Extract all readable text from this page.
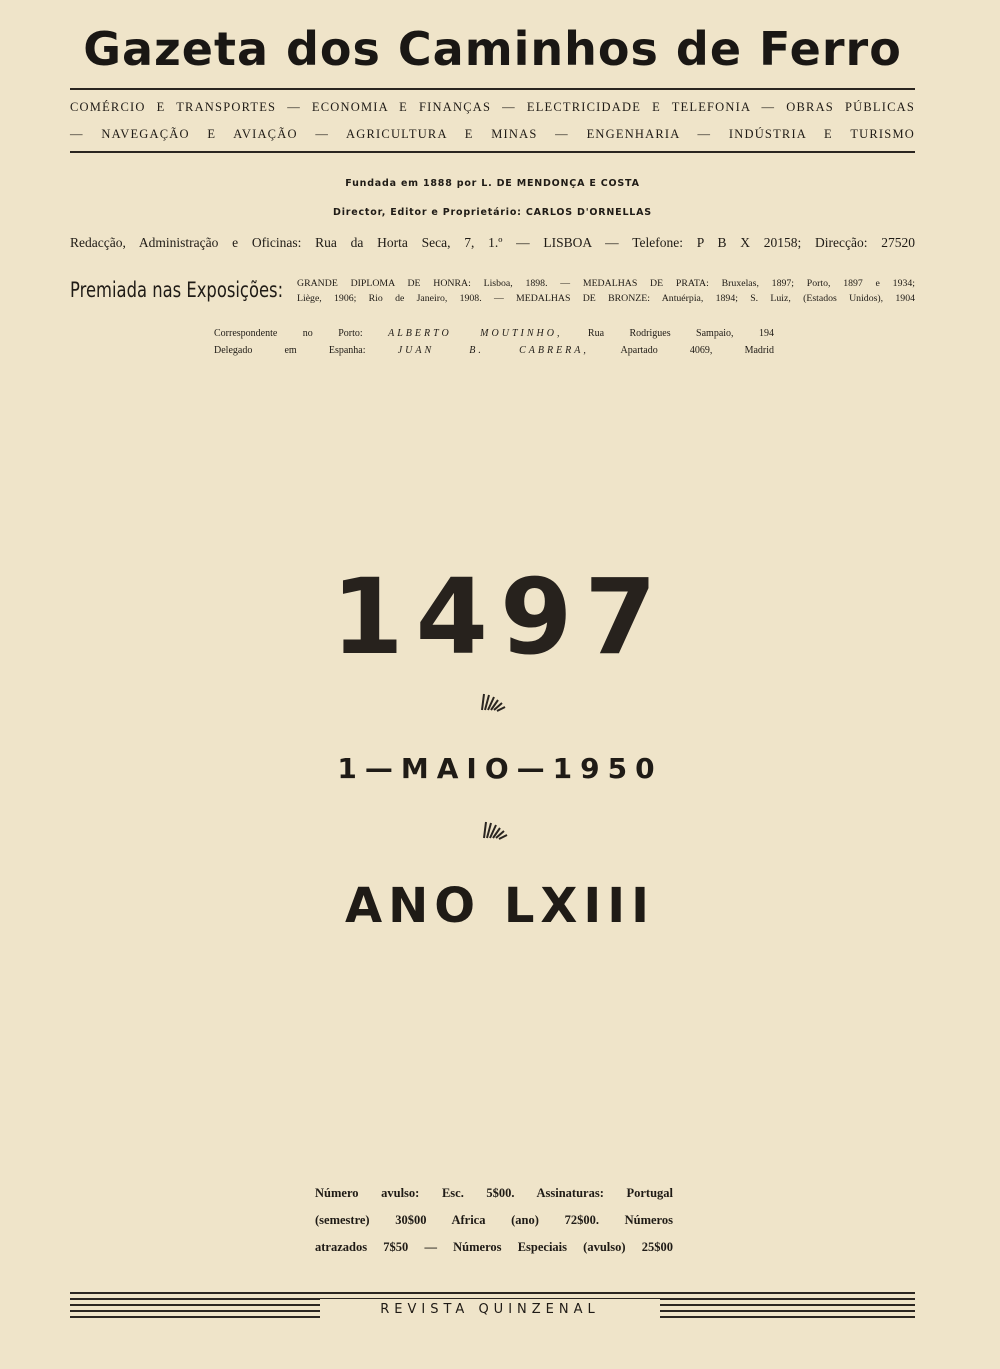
Gazeta dos Caminhos de Ferro
COMÉRCIO E TRANSPORTES — ECONOMIA E FINANÇAS — ELECTRICIDADE E TELEFONIA — OBRAS PÚBLICAS
— NAVEGAÇÃO E AVIAÇÃO — AGRICULTURA E MINAS — ENGENHARIA — INDÚSTRIA E TURISMO
Fundada em 1888 por L. DE MENDONÇA E COSTA
Director, Editor e Proprietário: CARLOS D'ORNELLAS
Redacção, Administração e Oficinas: Rua da Horta Seca, 7, 1.º — LISBOA — Telefone: P B X 20158; Direcção: 27520
Premiada nas Exposições: GRANDE DIPLOMA DE HONRA: Lisboa, 1898. — MEDALHAS DE PRATA: Bruxelas, 1897; Porto, 1897 e 1934;
Liège, 1906; Rio de Janeiro, 1908. — MEDALHAS DE BRONZE: Antuérpia, 1894; S. Luiz, (Estados Unidos), 1904
Correspondente no Porto:	ALBERTO MOUTINHO,	Rua Rodrigues Sampaio, 194
Delegado em Espanha:	JUAN B. CABRERA,	Apartado 4069, Madrid
1497
1—MAIO—1950
ANO LXIII
Número avulso: Esc. 5$00. Assinaturas: Portugal
(semestre) 30$00 Africa (ano) 72$00. Números
atrazados 7$50 — Números Especiais (avulso) 25$00
REVISTA QUINZENAL
